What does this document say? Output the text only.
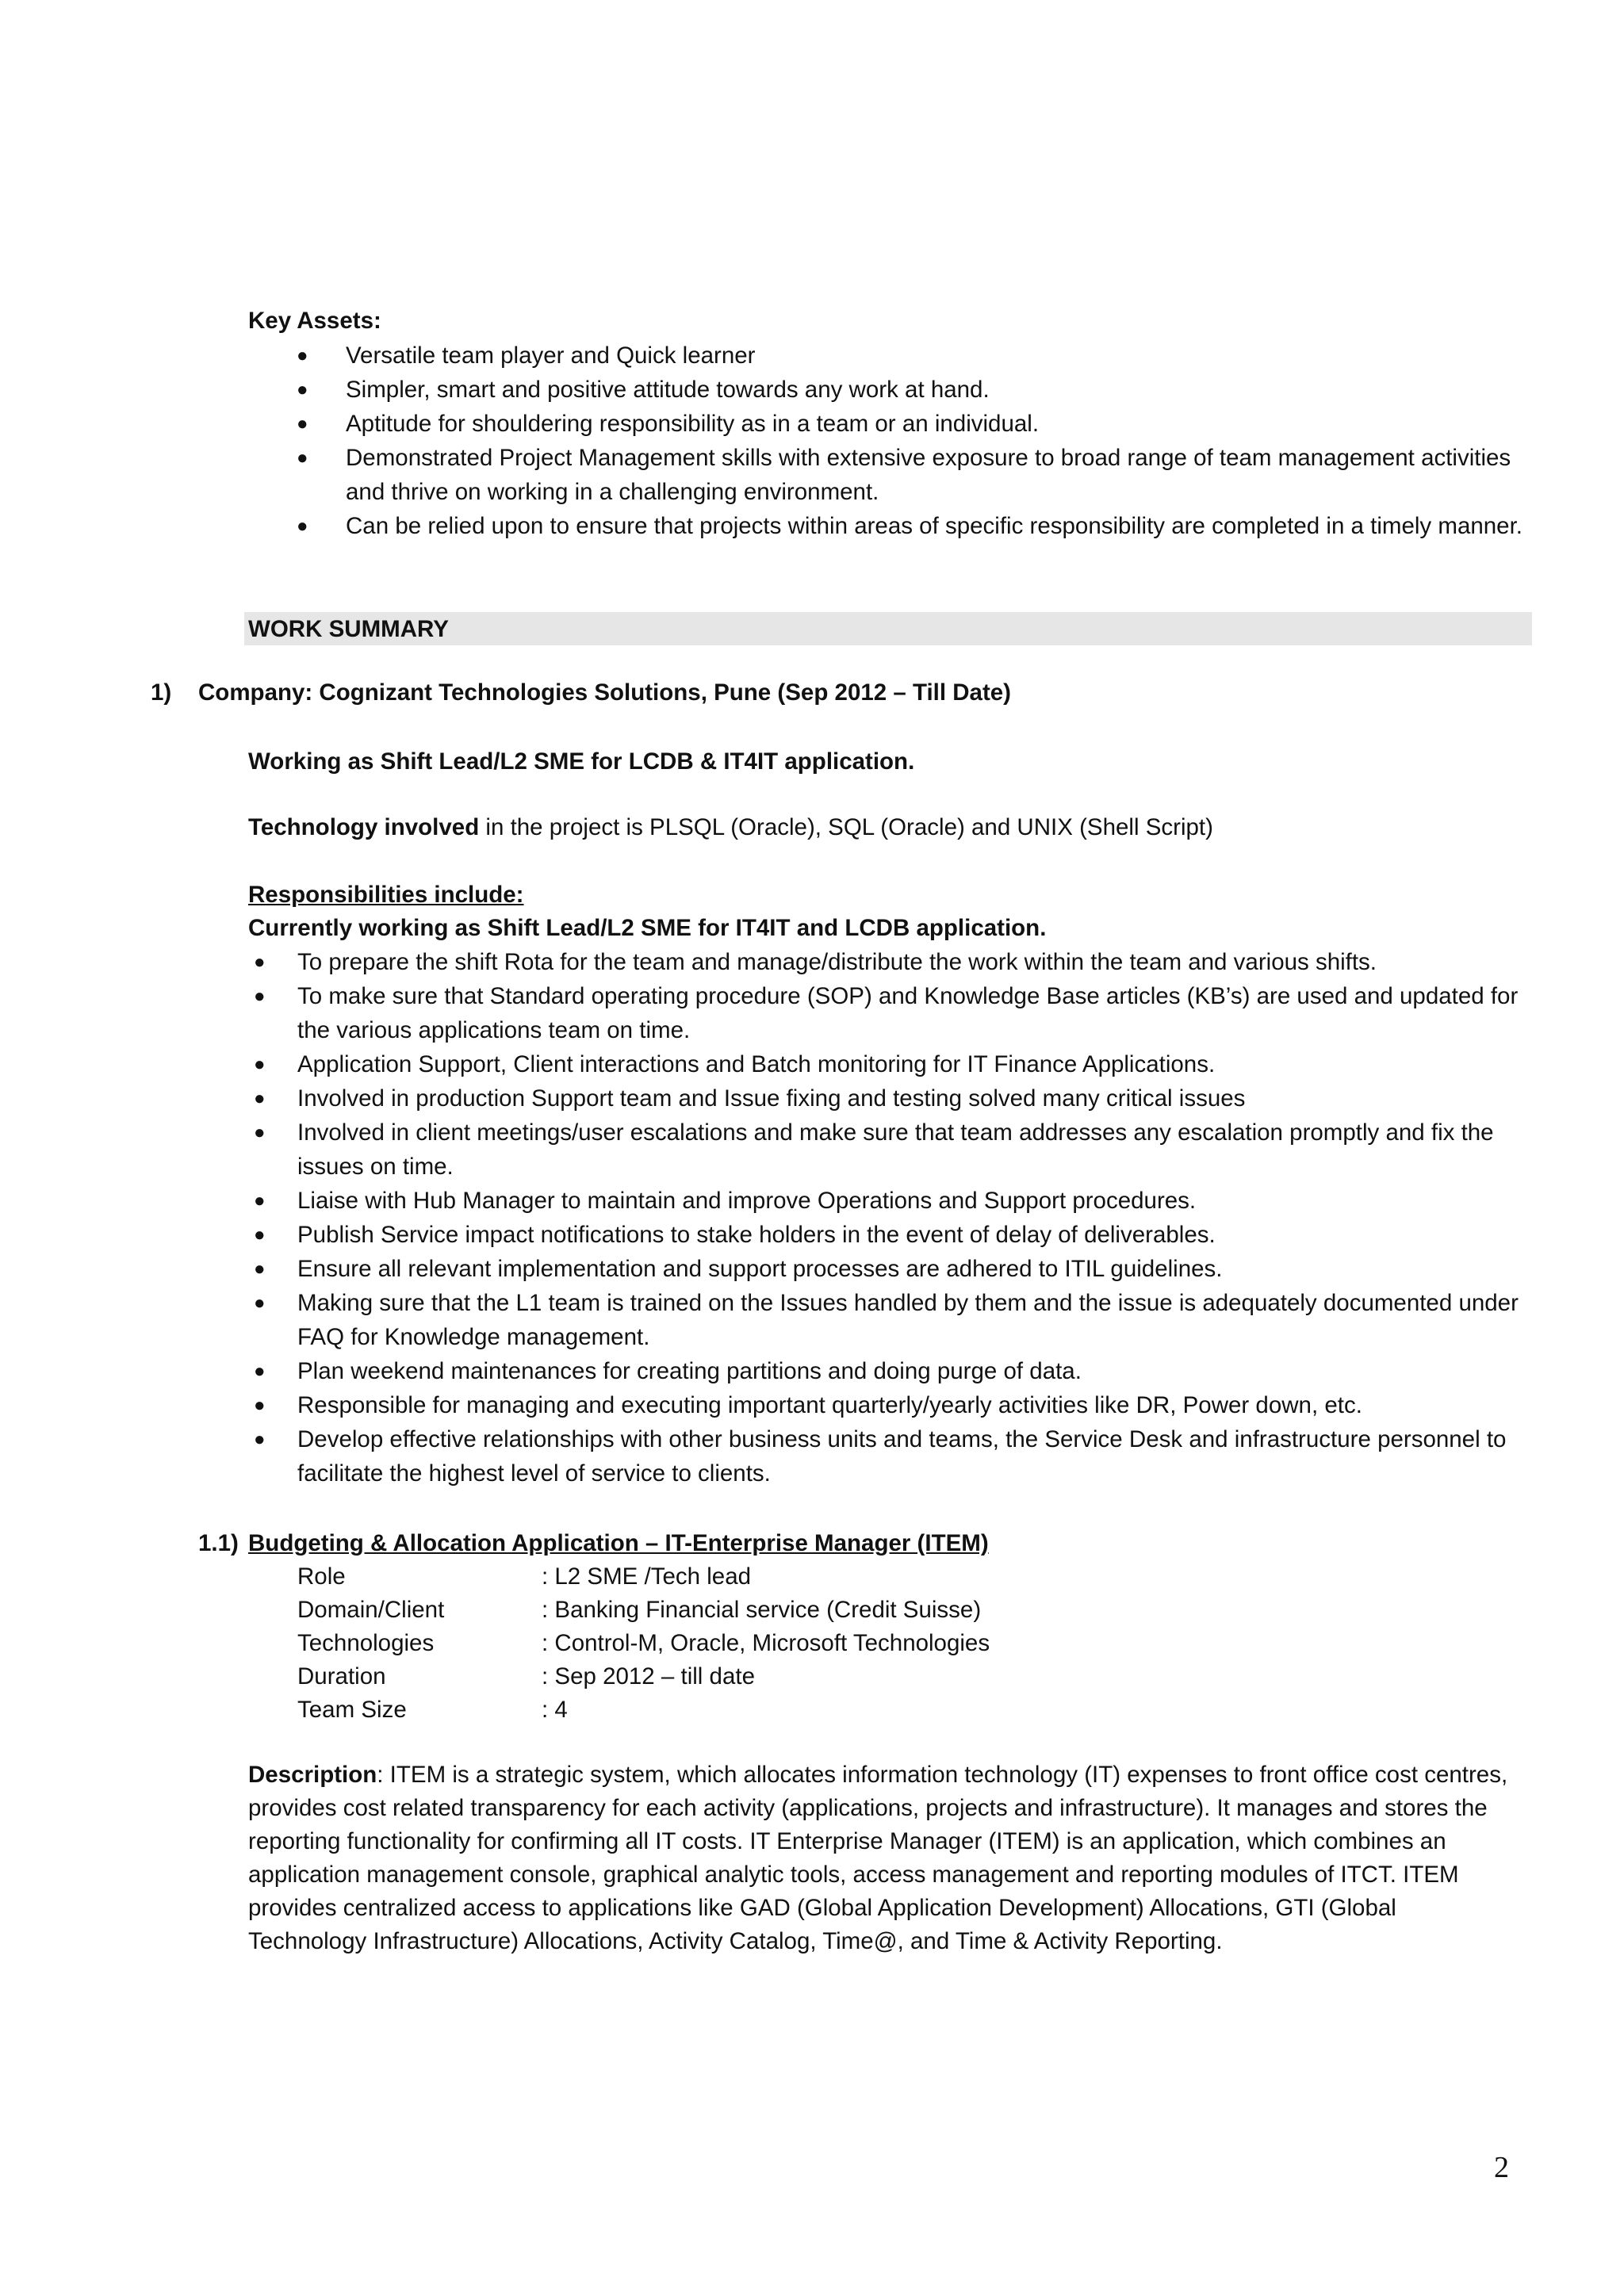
Key Assets:
● Versatile team player and Quick learner
● Simpler, smart and positive attitude towards any work at hand.
● Aptitude for shouldering responsibility as in a team or an individual.
● Demonstrated Project Management skills with extensive exposure to broad range of team management activities and thrive on working in a challenging environment.
● Can be relied upon to ensure that projects within areas of specific responsibility are completed in a timely manner.
WORK SUMMARY
1) Company: Cognizant Technologies Solutions, Pune (Sep 2012 – Till Date)
Working as Shift Lead/L2 SME for LCDB & IT4IT application.
Technology involved in the project is PLSQL (Oracle), SQL (Oracle) and UNIX (Shell Script)
Responsibilities include:
Currently working as Shift Lead/L2 SME for IT4IT and LCDB application.
● To prepare the shift Rota for the team and manage/distribute the work within the team and various shifts.
● To make sure that Standard operating procedure (SOP) and Knowledge Base articles (KB’s) are used and updated for the various applications team on time.
● Application Support, Client interactions and Batch monitoring for IT Finance Applications.
● Involved in production Support team and Issue fixing and testing solved many critical issues
● Involved in client meetings/user escalations and make sure that team addresses any escalation promptly and fix the issues on time.
● Liaise with Hub Manager to maintain and improve Operations and Support procedures.
● Publish Service impact notifications to stake holders in the event of delay of deliverables.
● Ensure all relevant implementation and support processes are adhered to ITIL guidelines.
● Making sure that the L1 team is trained on the Issues handled by them and the issue is adequately documented under FAQ for Knowledge management.
● Plan weekend maintenances for creating partitions and doing purge of data.
● Responsible for managing and executing important quarterly/yearly activities like DR, Power down, etc.
● Develop effective relationships with other business units and teams, the Service Desk and infrastructure personnel to facilitate the highest level of service to clients.
1.1) Budgeting & Allocation Application – IT-Enterprise Manager (ITEM)
Role	: L2 SME /Tech lead
Domain/Client	: Banking Financial service (Credit Suisse)
Technologies	: Control-M, Oracle, Microsoft Technologies
Duration	: Sep 2012 – till date
Team Size	: 4
Description: ITEM is a strategic system, which allocates information technology (IT) expenses to front office cost centres, provides cost related transparency for each activity (applications, projects and infrastructure). It manages and stores the reporting functionality for confirming all IT costs. IT Enterprise Manager (ITEM) is an application, which combines an application management console, graphical analytic tools, access management and reporting modules of ITCT. ITEM provides centralized access to applications like GAD (Global Application Development) Allocations, GTI (Global Technology Infrastructure) Allocations, Activity Catalog, Time@, and Time & Activity Reporting.
2
